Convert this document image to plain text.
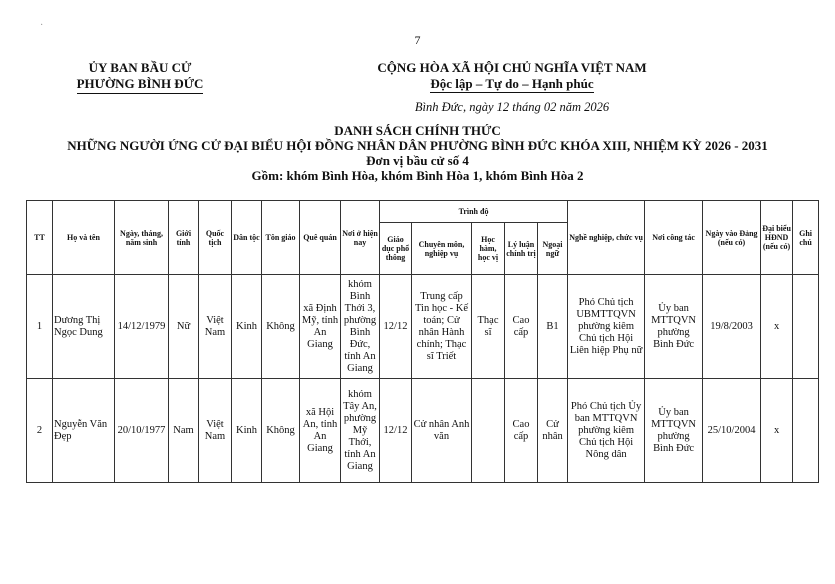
·
7
ỦY BAN BẦU CỬ
PHƯỜNG BÌNH ĐỨC
CỘNG HÒA XÃ HỘI CHỦ NGHĨA VIỆT NAM
Độc lập – Tự do – Hạnh phúc
Bình Đức, ngày 12 tháng 02 năm 2026
DANH SÁCH CHÍNH THỨC
NHỮNG NGƯỜI ỨNG CỬ ĐẠI BIỂU HỘI ĐỒNG NHÂN DÂN PHƯỜNG BÌNH ĐỨC KHÓA XIII, NHIỆM KỲ 2026 - 2031
Đơn vị bầu cử số 4
Gồm: khóm Bình Hòa, khóm Bình Hòa 1, khóm Bình Hòa 2
TT	Họ và tên	Ngày, tháng, năm sinh	Giới tính	Quốc tịch	Dân tộc	Tôn giáo	Quê quán	Nơi ở hiện nay	Trình độ					Nghề nghiệp, chức vụ	Nơi công tác	Ngày vào Đảng (nếu có)	Đại biểu HĐND (nếu có)	Ghi chú
									Giáo dục phổ thông	Chuyên môn, nghiệp vụ	Học hàm, học vị	Lý luận chính trị	Ngoại ngữ					
1	Dương Thị Ngọc Dung	14/12/1979	Nữ	Việt Nam	Kinh	Không	xã Định Mỹ, tỉnh An Giang	khóm Bình Thới 3, phường Bình Đức, tỉnh An Giang	12/12	Trung cấp Tin học - Kế toán; Cử nhân Hành chính; Thạc sĩ Triết	Thạc sĩ	Cao cấp	B1	Phó Chủ tịch UBMTTQVN phường kiêm Chủ tịch Hội Liên hiệp Phụ nữ	Ủy ban MTTQVN phường Bình Đức	19/8/2003	x	
2	Nguyễn Văn Đẹp	20/10/1977	Nam	Việt Nam	Kinh	Không	xã Hội An, tỉnh An Giang	khóm Tây An, phường Mỹ Thới, tỉnh An Giang	12/12	Cử nhân Anh văn		Cao cấp	Cử nhân	Phó Chủ tịch Ủy ban MTTQVN phường kiêm Chủ tịch Hội Nông dân	Ủy ban MTTQVN phường Bình Đức	25/10/2004	x	
